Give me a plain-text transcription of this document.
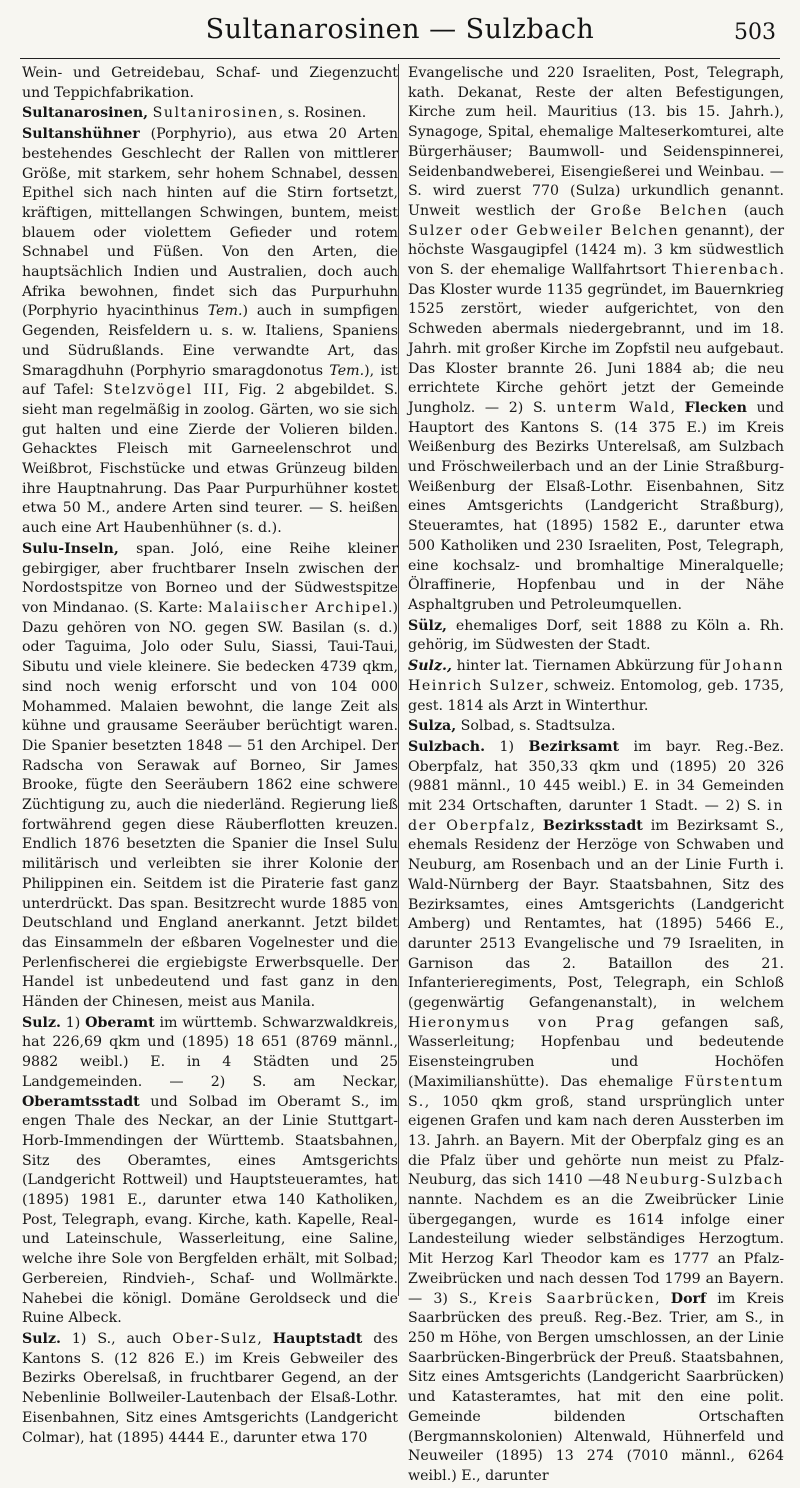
Sultanarosinen — Sulzbach	503

Wein- und Getreidebau, Schaf- und Ziegenzucht und Teppichfabrikation.

Sultanarosinen, Sultanirosinen, s. Rosinen.

Sultanshühner (Porphyrio), aus etwa 20 Arten bestehendes Geschlecht der Rallen von mittlerer Größe, mit starkem, sehr hohem Schnabel, dessen Epithel sich nach hinten auf die Stirn fortsetzt, kräftigen, mittellangen Schwingen, buntem, meist blauem oder violettem Gefieder und rotem Schnabel und Füßen. Von den Arten, die hauptsächlich Indien und Australien, doch auch Afrika bewohnen, findet sich das Purpurhuhn (Porphyrio hyacinthinus Tem.) auch in sumpfigen Gegenden, Reisfeldern u. s. w. Italiens, Spaniens und Südrußlands. Eine verwandte Art, das Smaragdhuhn (Porphyrio smaragdonotus Tem.), ist auf Tafel: Stelzvögel III, Fig. 2 abgebildet. S. sieht man regelmäßig in zoolog. Gärten, wo sie sich gut halten und eine Zierde der Volieren bilden. Gehacktes Fleisch mit Garneelenschrot und Weißbrot, Fischstücke und etwas Grünzeug bilden ihre Hauptnahrung. Das Paar Purpurhühner kostet etwa 50 M., andere Arten sind teurer. — S. heißen auch eine Art Haubenhühner (s. d.).

Sulu-Inseln, span. Joló, eine Reihe kleiner gebirgiger, aber fruchtbarer Inseln zwischen der Nordostspitze von Borneo und der Südwestspitze von Mindanao. (S. Karte: Malaiischer Archipel.) Dazu gehören von NO. gegen SW. Basilan (s. d.) oder Taguima, Jolo oder Sulu, Siassi, Taui-Taui, Sibutu und viele kleinere. Sie bedecken 4739 qkm, sind noch wenig erforscht und von 104 000 Mohammed. Malaien bewohnt, die lange Zeit als kühne und grausame Seeräuber berüchtigt waren. Die Spanier besetzten 1848 — 51 den Archipel. Der Radscha von Serawak auf Borneo, Sir James Brooke, fügte den Seeräubern 1862 eine schwere Züchtigung zu, auch die niederländ. Regierung ließ fortwährend gegen diese Räuberflotten kreuzen. Endlich 1876 besetzten die Spanier die Insel Sulu militärisch und verleibten sie ihrer Kolonie der Philippinen ein. Seitdem ist die Piraterie fast ganz unterdrückt. Das span. Besitzrecht wurde 1885 von Deutschland und England anerkannt. Jetzt bildet das Einsammeln der eßbaren Vogelnester und die Perlenfischerei die ergiebigste Erwerbsquelle. Der Handel ist unbedeutend und fast ganz in den Händen der Chinesen, meist aus Manila.

Sulz. 1) Oberamt im württemb. Schwarzwaldkreis, hat 226,69 qkm und (1895) 18 651 (8769 männl., 9882 weibl.) E. in 4 Städten und 25 Landgemeinden. — 2) S. am Neckar, Oberamtsstadt und Solbad im Oberamt S., im engen Thale des Neckar, an der Linie Stuttgart-Horb-Immendingen der Württemb. Staatsbahnen, Sitz des Oberamtes, eines Amtsgerichts (Landgericht Rottweil) und Hauptsteueramtes, hat (1895) 1981 E., darunter etwa 140 Katholiken, Post, Telegraph, evang. Kirche, kath. Kapelle, Real- und Lateinschule, Wasserleitung, eine Saline, welche ihre Sole von Bergfelden erhält, mit Solbad; Gerbereien, Rindvieh-, Schaf- und Wollmärkte. Nahebei die königl. Domäne Geroldseck und die Ruine Albeck.

Sulz. 1) S., auch Ober-Sulz, Hauptstadt des Kantons S. (12 826 E.) im Kreis Gebweiler des Bezirks Oberelsaß, in fruchtbarer Gegend, an der Nebenlinie Bollweiler-Lautenbach der Elsaß-Lothr. Eisenbahnen, Sitz eines Amtsgerichts (Landgericht Colmar), hat (1895) 4444 E., darunter etwa 170

Evangelische und 220 Israeliten, Post, Telegraph, kath. Dekanat, Reste der alten Befestigungen, Kirche zum heil. Mauritius (13. bis 15. Jahrh.), Synagoge, Spital, ehemalige Malteserkomturei, alte Bürgerhäuser; Baumwoll- und Seidenspinnerei, Seidenbandweberei, Eisengießerei und Weinbau. — S. wird zuerst 770 (Sulza) urkundlich genannt. Unweit westlich der Große Belchen (auch Sulzer oder Gebweiler Belchen genannt), der höchste Wasgaugipfel (1424 m). 3 km südwestlich von S. der ehemalige Wallfahrtsort Thierenbach. Das Kloster wurde 1135 gegründet, im Bauernkrieg 1525 zerstört, wieder aufgerichtet, von den Schweden abermals niedergebrannt, und im 18. Jahrh. mit großer Kirche im Zopfstil neu aufgebaut. Das Kloster brannte 26. Juni 1884 ab; die neu errichtete Kirche gehört jetzt der Gemeinde Jungholz. — 2) S. unterm Wald, Flecken und Hauptort des Kantons S. (14 375 E.) im Kreis Weißenburg des Bezirks Unterelsaß, am Sulzbach und Fröschweilerbach und an der Linie Straßburg-Weißenburg der Elsaß-Lothr. Eisenbahnen, Sitz eines Amtsgerichts (Landgericht Straßburg), Steueramtes, hat (1895) 1582 E., darunter etwa 500 Katholiken und 230 Israeliten, Post, Telegraph, eine kochsalz- und bromhaltige Mineralquelle; Ölraffinerie, Hopfenbau und in der Nähe Asphaltgruben und Petroleumquellen.

Sülz, ehemaliges Dorf, seit 1888 zu Köln a. Rh. gehörig, im Südwesten der Stadt.

Sulz., hinter lat. Tiernamen Abkürzung für Johann Heinrich Sulzer, schweiz. Entomolog, geb. 1735, gest. 1814 als Arzt in Winterthur.

Sulza, Solbad, s. Stadtsulza.

Sulzbach. 1) Bezirksamt im bayr. Reg.-Bez. Oberpfalz, hat 350,33 qkm und (1895) 20 326 (9881 männl., 10 445 weibl.) E. in 34 Gemeinden mit 234 Ortschaften, darunter 1 Stadt. — 2) S. in der Oberpfalz, Bezirksstadt im Bezirksamt S., ehemals Residenz der Herzöge von Schwaben und Neuburg, am Rosenbach und an der Linie Furth i. Wald-Nürnberg der Bayr. Staatsbahnen, Sitz des Bezirksamtes, eines Amtsgerichts (Landgericht Amberg) und Rentamtes, hat (1895) 5466 E., darunter 2513 Evangelische und 79 Israeliten, in Garnison das 2. Bataillon des 21. Infanterieregiments, Post, Telegraph, ein Schloß (gegenwärtig Gefangenanstalt), in welchem Hieronymus von Prag gefangen saß, Wasserleitung; Hopfenbau und bedeutende Eisensteingruben und Hochöfen (Maximilianshütte). Das ehemalige Fürstentum S., 1050 qkm groß, stand ursprünglich unter eigenen Grafen und kam nach deren Aussterben im 13. Jahrh. an Bayern. Mit der Oberpfalz ging es an die Pfalz über und gehörte nun meist zu Pfalz-Neuburg, das sich 1410 —48 Neuburg-Sulzbach nannte. Nachdem es an die Zweibrücker Linie übergegangen, wurde es 1614 infolge einer Landesteilung wieder selbständiges Herzogtum. Mit Herzog Karl Theodor kam es 1777 an Pfalz-Zweibrücken und nach dessen Tod 1799 an Bayern. — 3) S., Kreis Saarbrücken, Dorf im Kreis Saarbrücken des preuß. Reg.-Bez. Trier, am S., in 250 m Höhe, von Bergen umschlossen, an der Linie Saarbrücken-Bingerbrück der Preuß. Staatsbahnen, Sitz eines Amtsgerichts (Landgericht Saarbrücken) und Katasteramtes, hat mit den eine polit. Gemeinde bildenden Ortschaften (Bergmannskolonien) Altenwald, Hühnerfeld und Neuweiler (1895) 13 274 (7010 männl., 6264 weibl.) E., darunter
